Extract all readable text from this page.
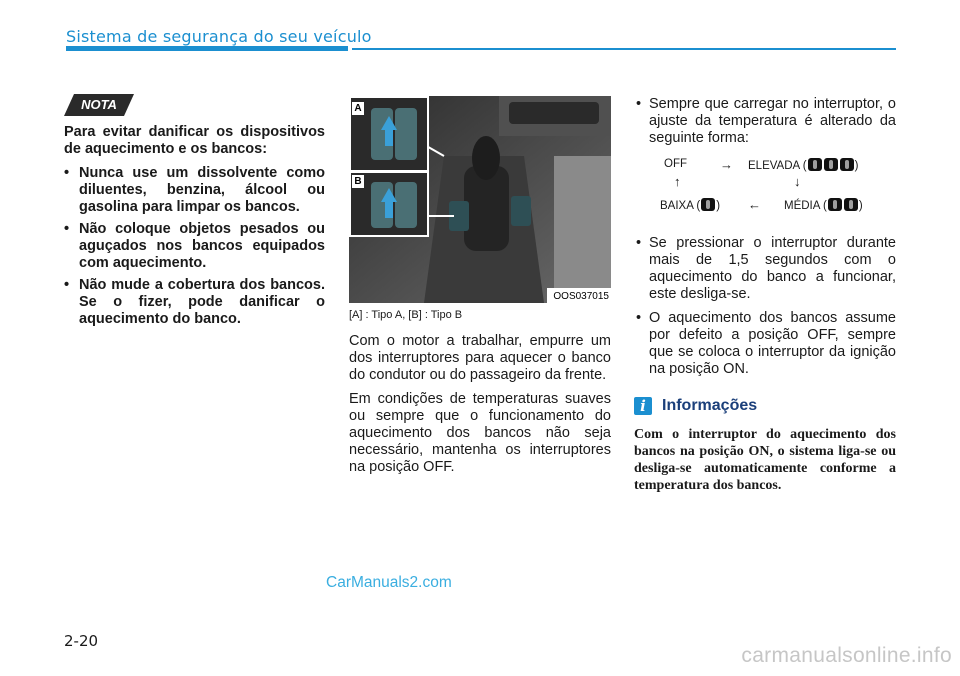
Sistema de segurança do seu veículo
NOTA

Para evitar danificar os dispositivos de aquecimento e os bancos:

• Nunca use um dissolvente como diluentes, benzina, álcool ou gasolina para limpar os bancos.
• Não coloque objetos pesados ou aguçados nos bancos equipados com aquecimento.
• Não mude a cobertura dos bancos. Se o fizer, pode danificar o aquecimento do banco.
A
B
OOS037015
[A] : Tipo A, [B] : Tipo B

Com o motor a trabalhar, empurre um dos interruptores para aquecer o banco do condutor ou do passageiro da frente.

Em condições de temperaturas suaves ou sempre que o funcionamento do aquecimento dos bancos não seja necessário, mantenha os interruptores na posição OFF.

• Sempre que carregar no interruptor, o ajuste da temperatura é alterado da seguinte forma:
OFF	→ ELEVADA (	)
↑	↓
BAIXA ( ) ← MÉDIA (	)
• Se pressionar o interruptor durante mais de 1,5 segundos com o aquecimento do banco a funcionar, este desliga-se.
• O aquecimento dos bancos assume por defeito a posição OFF, sempre que se coloca o interruptor da ignição na posição ON.
i	Informações
Com o interruptor do aquecimento dos bancos na posição ON, o sistema liga-se ou desliga-se automaticamente conforme a temperatura dos bancos.
CarManuals2.com
2-20
carmanualsonline.info
